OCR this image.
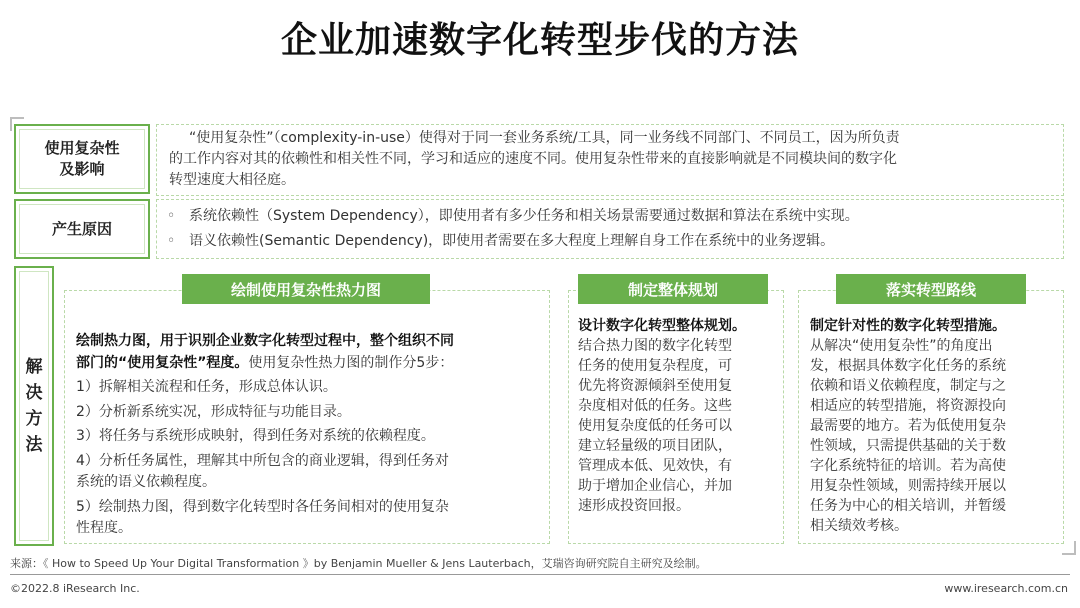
企业加速数字化转型步伐的方法
使用复杂性
及影响
“使用复杂性”（complexity-in-use）使得对于同一套业务系统/工具，同一业务线不同部门、不同员工，因为所负责
的工作内容对其的依赖性和相关性不同，学习和适应的速度不同。使用复杂性带来的直接影响就是不同模块间的数字化
转型速度大相径庭。
产生原因
◦ 系统依赖性（System Dependency），即使用者有多少任务和相关场景需要通过数据和算法在系统中实现。
◦ 语义依赖性(Semantic Dependency)，即使用者需要在多大程度上理解自身工作在系统中的业务逻辑。
解
决
方
法
绘制使用复杂性热力图
绘制热力图，用于识别企业数字化转型过程中，整个组织不同
部门的“使用复杂性”程度。使用复杂性热力图的制作分5步：
1）拆解相关流程和任务，形成总体认识。
2）分析新系统实况，形成特征与功能目录。
3）将任务与系统形成映射，得到任务对系统的依赖程度。
4）分析任务属性，理解其中所包含的商业逻辑，得到任务对
系统的语义依赖程度。
5）绘制热力图，得到数字化转型时各任务间相对的使用复杂
性程度。
制定整体规划
设计数字化转型整体规划。
结合热力图的数字化转型
任务的使用复杂程度，可
优先将资源倾斜至使用复
杂度相对低的任务。这些
使用复杂度低的任务可以
建立轻量级的项目团队，
管理成本低、见效快，有
助于增加企业信心，并加
速形成投资回报。
落实转型路线
制定针对性的数字化转型措施。
从解决“使用复杂性”的角度出
发，根据具体数字化任务的系统
依赖和语义依赖程度，制定与之
相适应的转型措施，将资源投向
最需要的地方。若为低使用复杂
性领域，只需提供基础的关于数
字化系统特征的培训。若为高使
用复杂性领域，则需持续开展以
任务为中心的相关培训，并暂缓
相关绩效考核。
来源：《 How to Speed Up Your Digital Transformation 》by Benjamin Mueller & Jens Lauterbach，艾瑞咨询研究院自主研究及绘制。
©2022.8 iResearch Inc.	www.iresearch.com.cn
